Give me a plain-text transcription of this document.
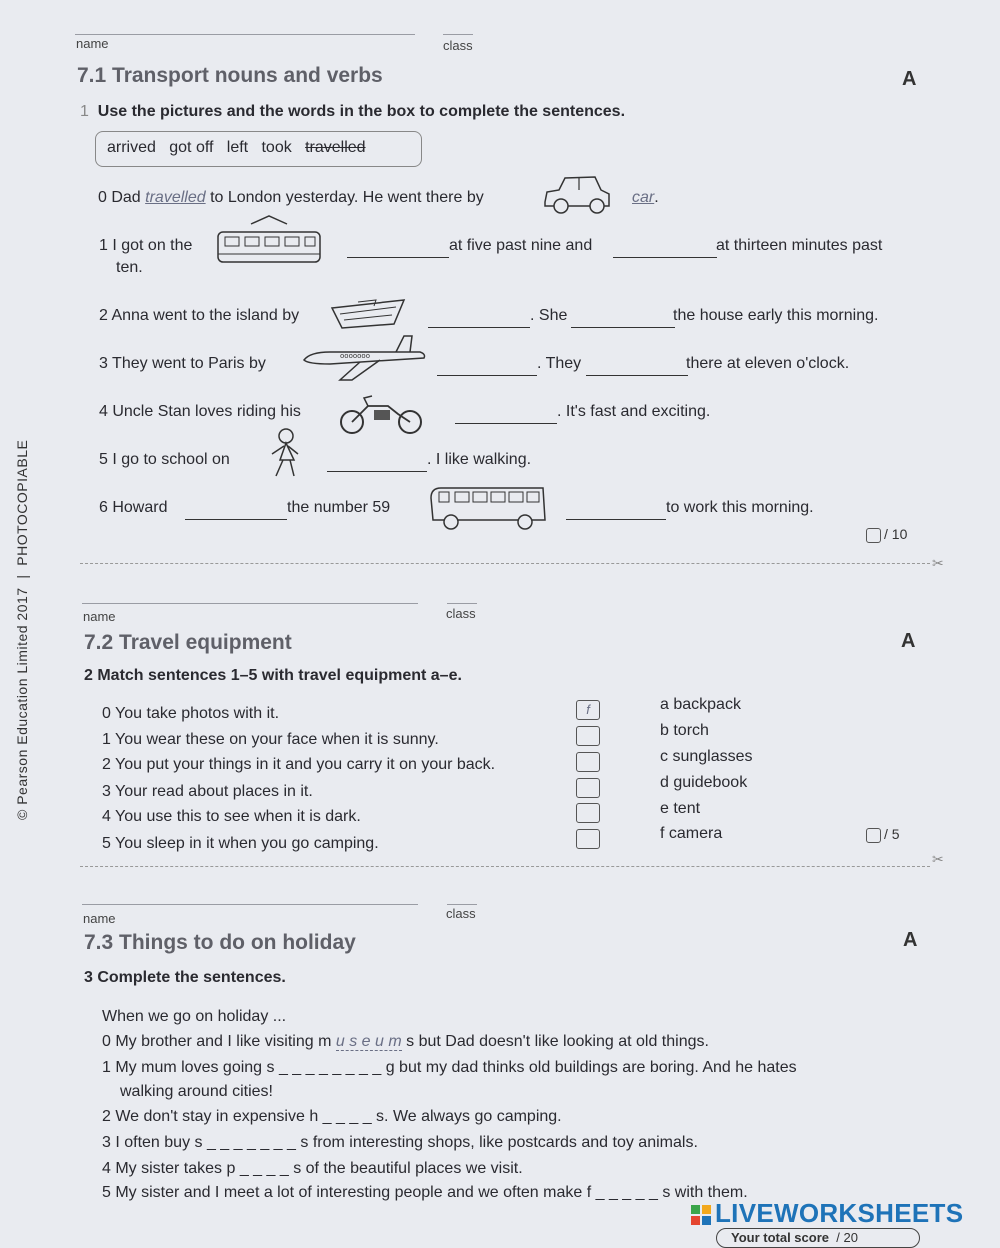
© Pearson Education Limited 2017  |  PHOTOCOPIABLE
name	class
7.1 Transport nouns and verbs	A
1 Use the pictures and the words in the box to complete the sentences.
arrived got off left took travelled
0 Dad travelled to London yesterday. He went there by	car.
1 I got on the	at five past nine and	at thirteen minutes past
ten.
2 Anna went to the island by	. She	the house early this morning.
3 They went to Paris by	ooooooo	. They	there at eleven o'clock.
4 Uncle Stan loves riding his	. It's fast and exciting.
5 I go to school on	. I like walking.
6 Howard	the number 59	to work this morning.
/ 10
✂
name	class
7.2 Travel equipment	A
2 Match sentences 1–5 with travel equipment a–e.
0 You take photos with it.
1 You wear these on your face when it is sunny.
2 You put your things in it and you carry it on your back.
3 Your read about places in it.
4 You use this to see when it is dark.
5 You sleep in it when you go camping.
f	a backpack
b torch
c sunglasses
d guidebook
e tent
f camera	/ 5
✂
name	class
7.3 Things to do on holiday	A
3 Complete the sentences.
When we go on holiday ...
0 My brother and I like visiting m u s e u m s but Dad doesn't like looking at old things.
1 My mum loves going s _ _ _ _ _ _ _ _ g but my dad thinks old buildings are boring. And he hates
walking around cities!
2 We don't stay in expensive h _ _ _ _ s. We always go camping.
3 I often buy s _ _ _ _ _ _ _ s from interesting shops, like postcards and toy animals.
4 My sister takes p _ _ _ _ s of the beautiful places we visit.
5 My sister and I meet a lot of interesting people and we often make f _ _ _ _ _ s with them.
LIVEWORKSHEETS
Your total score / 20
